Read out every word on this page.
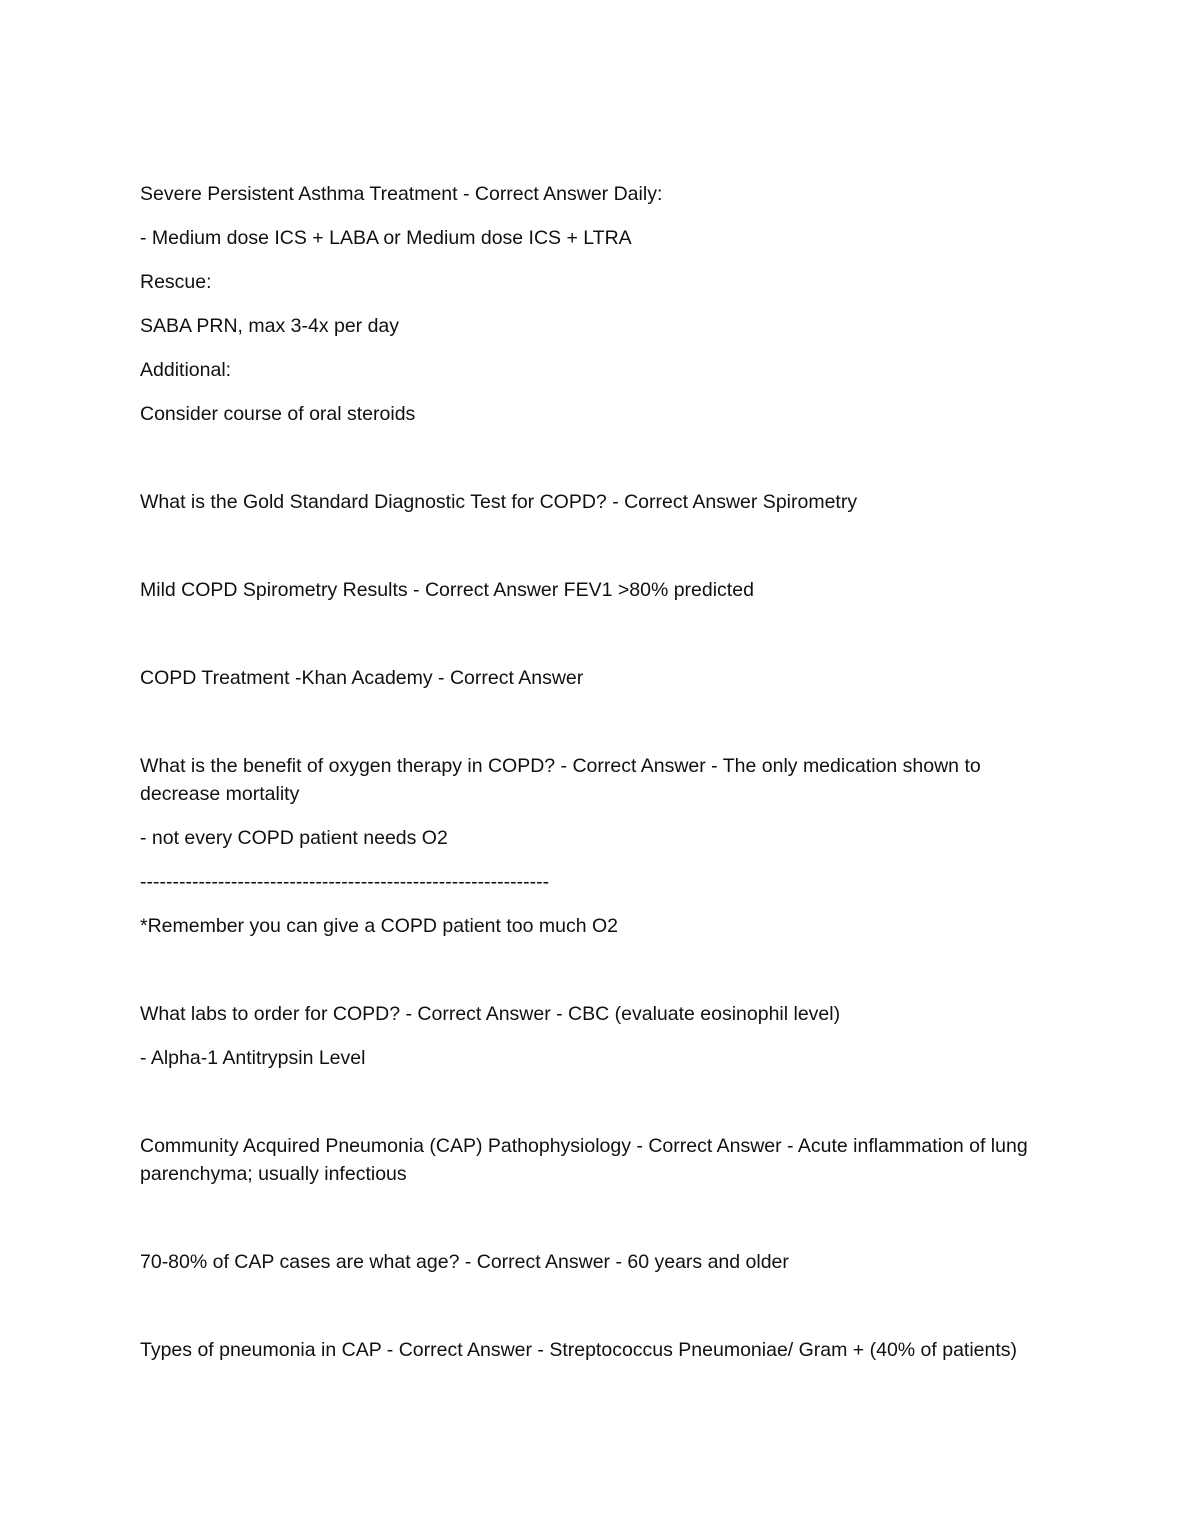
Severe Persistent Asthma Treatment - Correct Answer Daily:

- Medium dose ICS + LABA or Medium dose ICS + LTRA

Rescue:

SABA PRN, max 3-4x per day

Additional:

Consider course of oral steroids

What is the Gold Standard Diagnostic Test for COPD? - Correct Answer Spirometry

Mild COPD Spirometry Results - Correct Answer FEV1 >80% predicted

COPD Treatment -Khan Academy - Correct Answer

What is the benefit of oxygen therapy in COPD? - Correct Answer - The only medication shown to decrease mortality

- not every COPD patient needs O2

---------------------------------------------------------------

*Remember you can give a COPD patient too much O2

What labs to order for COPD? - Correct Answer - CBC (evaluate eosinophil level)

- Alpha-1 Antitrypsin Level

Community Acquired Pneumonia (CAP) Pathophysiology - Correct Answer - Acute inflammation of lung parenchyma; usually infectious

70-80% of CAP cases are what age? - Correct Answer - 60 years and older

Types of pneumonia in CAP - Correct Answer - Streptococcus Pneumoniae/ Gram + (40% of patients)
